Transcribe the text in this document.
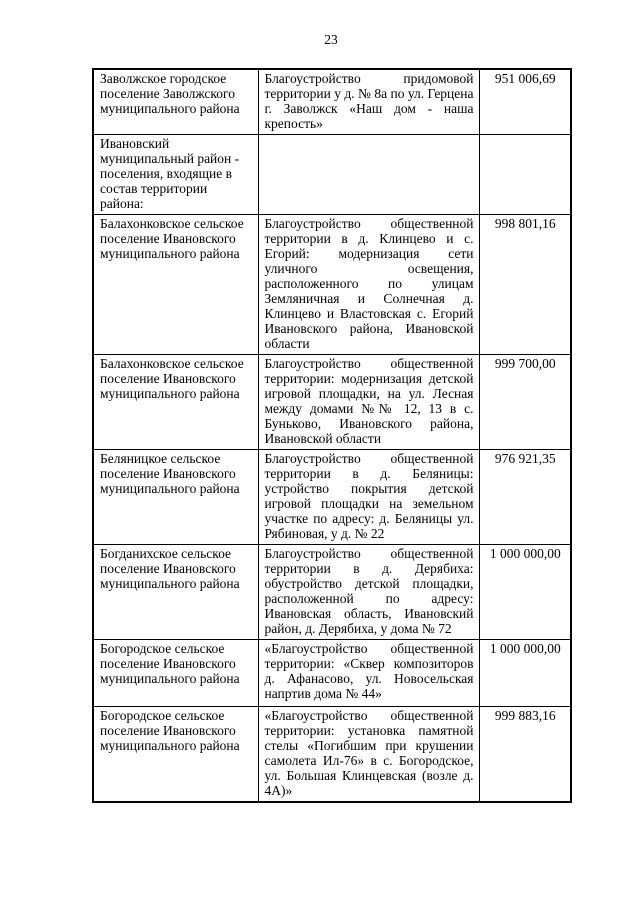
23
Заволжское городское поселение Заволжского муниципального района	Благоустройство придомовой территории у д. № 8а по ул. Герцена г. Заволжск «Наш дом - наша крепость»	951 006,69
Ивановский муниципальный район - поселения, входящие в состав территории района:		
Балахонковское сельское поселение Ивановского муниципального района	Благоустройство общественной территории в д. Клинцево и с. Егорий: модернизация сети уличного освещения, расположенного по улицам Земляничная и Солнечная д. Клинцево и Властовская с. Егорий Ивановского района, Ивановской области	998 801,16
Балахонковское сельское поселение Ивановского муниципального района	Благоустройство общественной территории: модернизация детской игровой площадки, на ул. Лесная между домами №№ 12, 13 в с. Буньково, Ивановского района, Ивановской области	999 700,00
Беляницкое сельское поселение Ивановского муниципального района	Благоустройство общественной территории в д. Беляницы: устройство покрытия детской игровой площадки на земельном участке по адресу: д. Беляницы ул. Рябиновая, у д. № 22	976 921,35
Богданихское сельское поселение Ивановского муниципального района	Благоустройство общественной территории в д. Дерябиха: обустройство детской площадки, расположенной по адресу: Ивановская область, Ивановский район, д. Дерябиха, у дома № 72	1 000 000,00
Богородское сельское поселение Ивановского муниципального района	«Благоустройство общественной территории: «Сквер композиторов д. Афанасово, ул. Новосельская напртив дома № 44»	1 000 000,00
Богородское сельское поселение Ивановского муниципального района	«Благоустройство общественной территории: установка памятной стелы «Погибшим при крушении самолета Ил-76» в с. Богородское, ул. Большая Клинцевская (возле д. 4А)»	999 883,16
